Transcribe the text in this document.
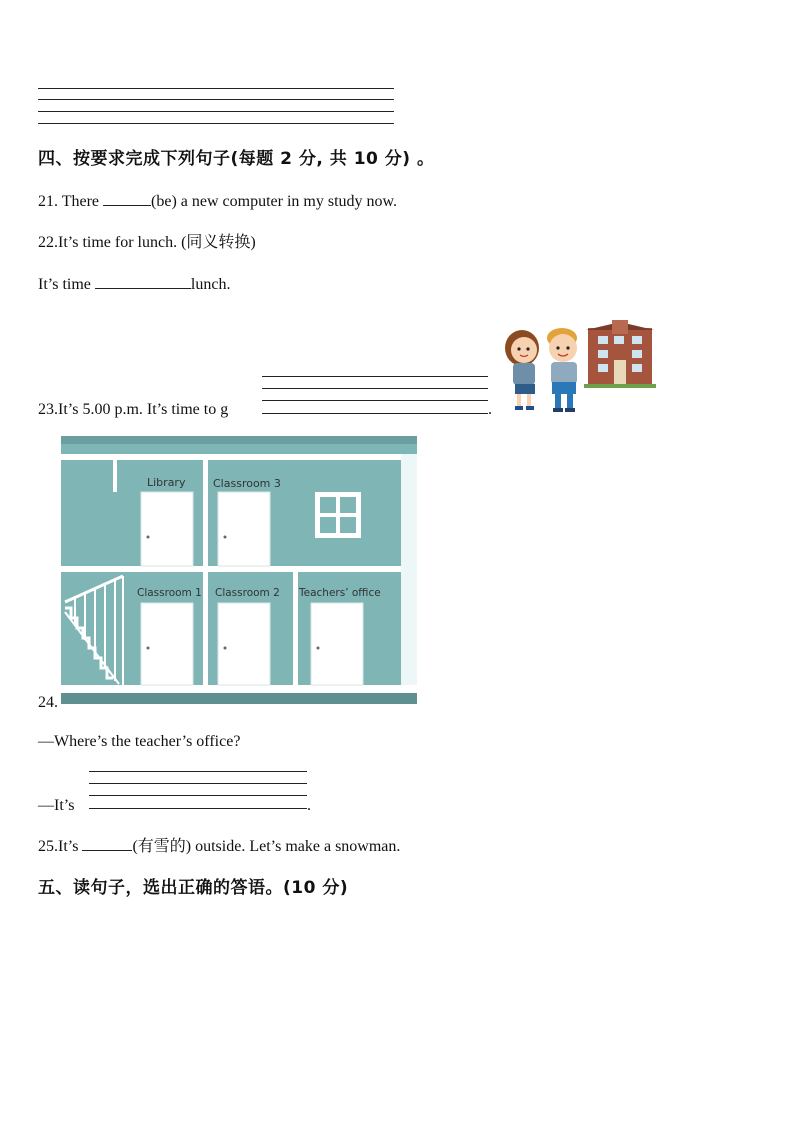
四、按要求完成下列句子(每题 2 分, 共 10 分) 。
21. There	(be) a new computer in my study now.
22.It’s time for lunch. (同义转换)
It’s time	lunch.
23.It’s 5.00 p.m. It’s time to g	.
Library	Classroom 3
Classroom 1 Classroom 2 Teachers’ office
24.
—Where’s the teacher’s office?
—It’s	.
25.It’s	(有雪的) outside. Let’s make a snowman.
五、读句子，选出正确的答语。(10 分)
